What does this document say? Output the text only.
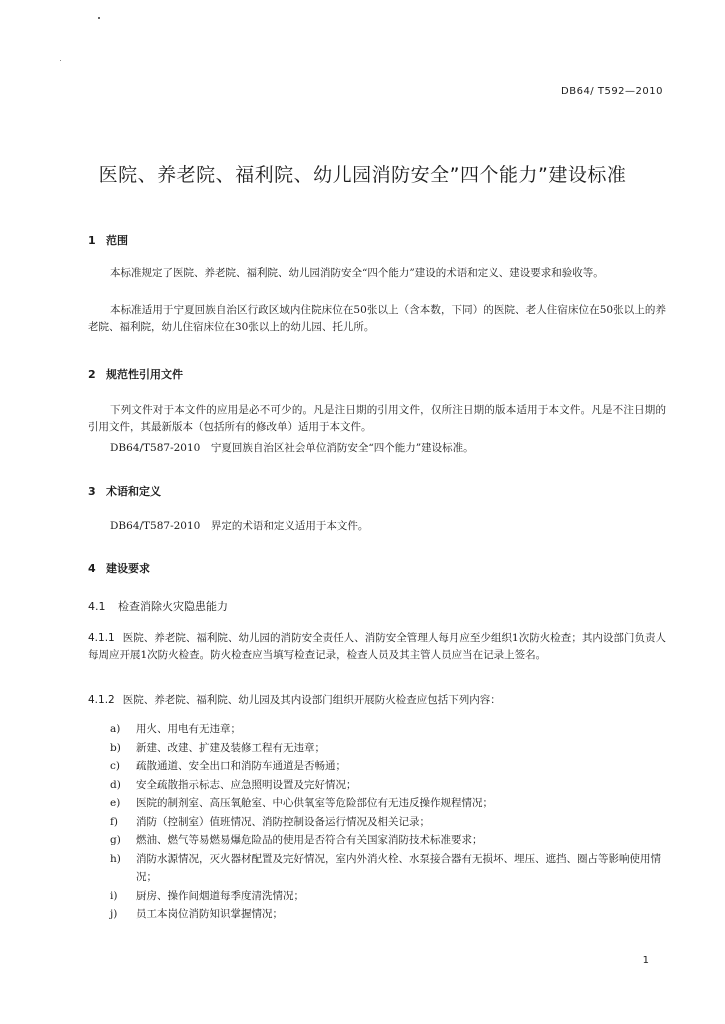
DB64/ T592—2010
医院、养老院、福利院、幼儿园消防安全”四个能力”建设标准
1 范围
本标准规定了医院、养老院、福利院、幼儿园消防安全“四个能力”建设的术语和定义、建设要求和验收等。
本标准适用于宁夏回族自治区行政区域内住院床位在50张以上（含本数，下同）的医院、老人住宿床位在50张以上的养老院、福利院，幼儿住宿床位在30张以上的幼儿园、托儿所。
2 规范性引用文件
下列文件对于本文件的应用是必不可少的。凡是注日期的引用文件，仅所注日期的版本适用于本文件。凡是不注日期的引用文件，其最新版本（包括所有的修改单）适用于本文件。
DB64/T587-2010　宁夏回族自治区社会单位消防安全“四个能力”建设标准。
3 术语和定义
DB64/T587-2010　界定的术语和定义适用于本文件。
4 建设要求
4.1 检查消除火灾隐患能力
4.1.1 医院、养老院、福利院、幼儿园的消防安全责任人、消防安全管理人每月应至少组织1次防火检查；其内设部门负责人每周应开展1次防火检查。防火检查应当填写检查记录，检查人员及其主管人员应当在记录上签名。
4.1.2 医院、养老院、福利院、幼儿园及其内设部门组织开展防火检查应包括下列内容：
a)	用火、用电有无违章；
b)	新建、改建、扩建及装修工程有无违章；
c)	疏散通道、安全出口和消防车通道是否畅通；
d)	安全疏散指示标志、应急照明设置及完好情况；
e)	医院的制剂室、高压氧舱室、中心供氧室等危险部位有无违反操作规程情况；
f)	消防（控制室）值班情况、消防控制设备运行情况及相关记录；
g)	燃油、燃气等易燃易爆危险品的使用是否符合有关国家消防技术标准要求；
h)	消防水源情况，灭火器材配置及完好情况，室内外消火栓、水泵接合器有无损坏、埋压、遮挡、圈占等影响使用情况；
i)	厨房、操作间烟道每季度清洗情况；
j)	员工本岗位消防知识掌握情况；
1
